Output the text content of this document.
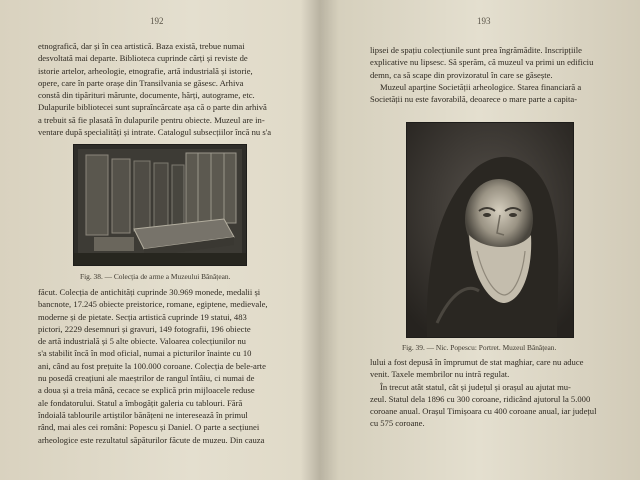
192
etnografică, dar și în cea artistică. Baza există, trebue numai
desvoltată mai departe. Biblioteca cuprinde cărți și reviste de
istorie artelor, arheologie, etnografie, artă industrială și istorie,
opere, care în parte orașe din Transilvania se găsesc. Arhiva
constă din tipărituri mărunte, documente, hărți, autograme, etc.
Dulapurile bibliotecei sunt supraîncărcate așa că o parte din arhivă
a trebuit să fie plasată în dulapurile pentru obiecte. Muzeul are in-
ventare după specialități și intrate. Catalogul subsecțiilor încă nu s'a
Fig. 38. — Colecția de arme a Muzeului Bănățean.
făcut. Colecția de antichități cuprinde 30.969 monede, medalii și
bancnote, 17.245 obiecte preistorice, romane, egiptene, medievale,
moderne și de pietate. Secția artistică cuprinde 19 statui, 483
pictori, 2229 desemnuri și gravuri, 149 fotografii, 196 obiecte
de artă industrială și 5 alte obiecte. Valoarea colecțiunilor nu
s'a stabilit încă în mod oficial, numai a picturilor înainte cu 10
ani, când au fost prețuite la 100.000 coroane. Colecția de bele-arte
nu posedă creațiuni ale maeștrilor de rangul întâiu, ci numai de
a doua și a treia mână, cecace se explică prin mijloacele reduse
ale fondatorului. Statul a îmbogățit galeria cu tablouri. Fără
îndoială tablourile artiștilor bănățeni ne interesează în primul
rând, mai ales cei români: Popescu și Daniel. O parte a secțiunei
arheologice este rezultatul săpăturilor făcute de muzeu. Din cauza
193
lipsei de spațiu colecțiunile sunt prea îngrămădite. Inscripțiile
explicative nu lipsesc. Să sperăm, că muzeul va primi un edificiu
demn, ca să scape din provizoratul în care se găsește.
Muzeul aparține Societății arheologice. Starea financiară a
Societății nu este favorabilă, deoarece o mare parte a capita-
Fig. 39. — Nic. Popescu: Portret. Muzeul Bănățean.
lului a fost depusă în împrumut de stat maghiar, care nu aduce
venit. Taxele membrilor nu intră regulat.
În trecut atât statul, cât și județul și orașul au ajutat mu-
zeul. Statul dela 1896 cu 300 coroane, ridicând ajutorul la 5.000
coroane anual. Orașul Timișoara cu 400 coroane anual, iar județul
cu 575 coroane.
